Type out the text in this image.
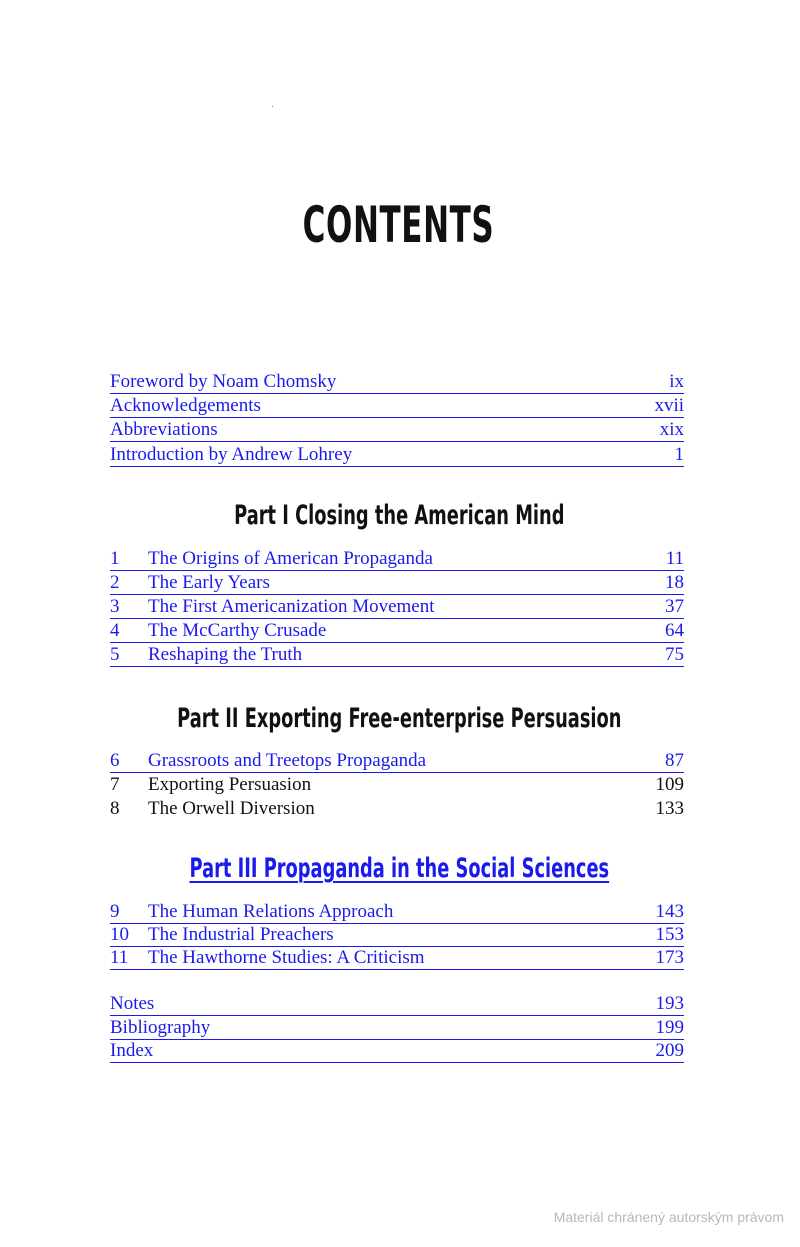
CONTENTS
Foreword by Noam Chomsky	ix
Acknowledgements	xvii
Abbreviations	xix
Introduction by Andrew Lohrey	1
Part I Closing the American Mind
1 The Origins of American Propaganda	11
2 The Early Years	18
3 The First Americanization Movement	37
4 The McCarthy Crusade	64
5 Reshaping the Truth	75
Part II Exporting Free-enterprise Persuasion
6 Grassroots and Treetops Propaganda	87
7 Exporting Persuasion	109
8 The Orwell Diversion	133
Part III Propaganda in the Social Sciences
9 The Human Relations Approach	143
10 The Industrial Preachers	153
11 The Hawthorne Studies: A Criticism	173
Notes	193
Bibliography	199
Index	209
Materiál chránený autorským právom
